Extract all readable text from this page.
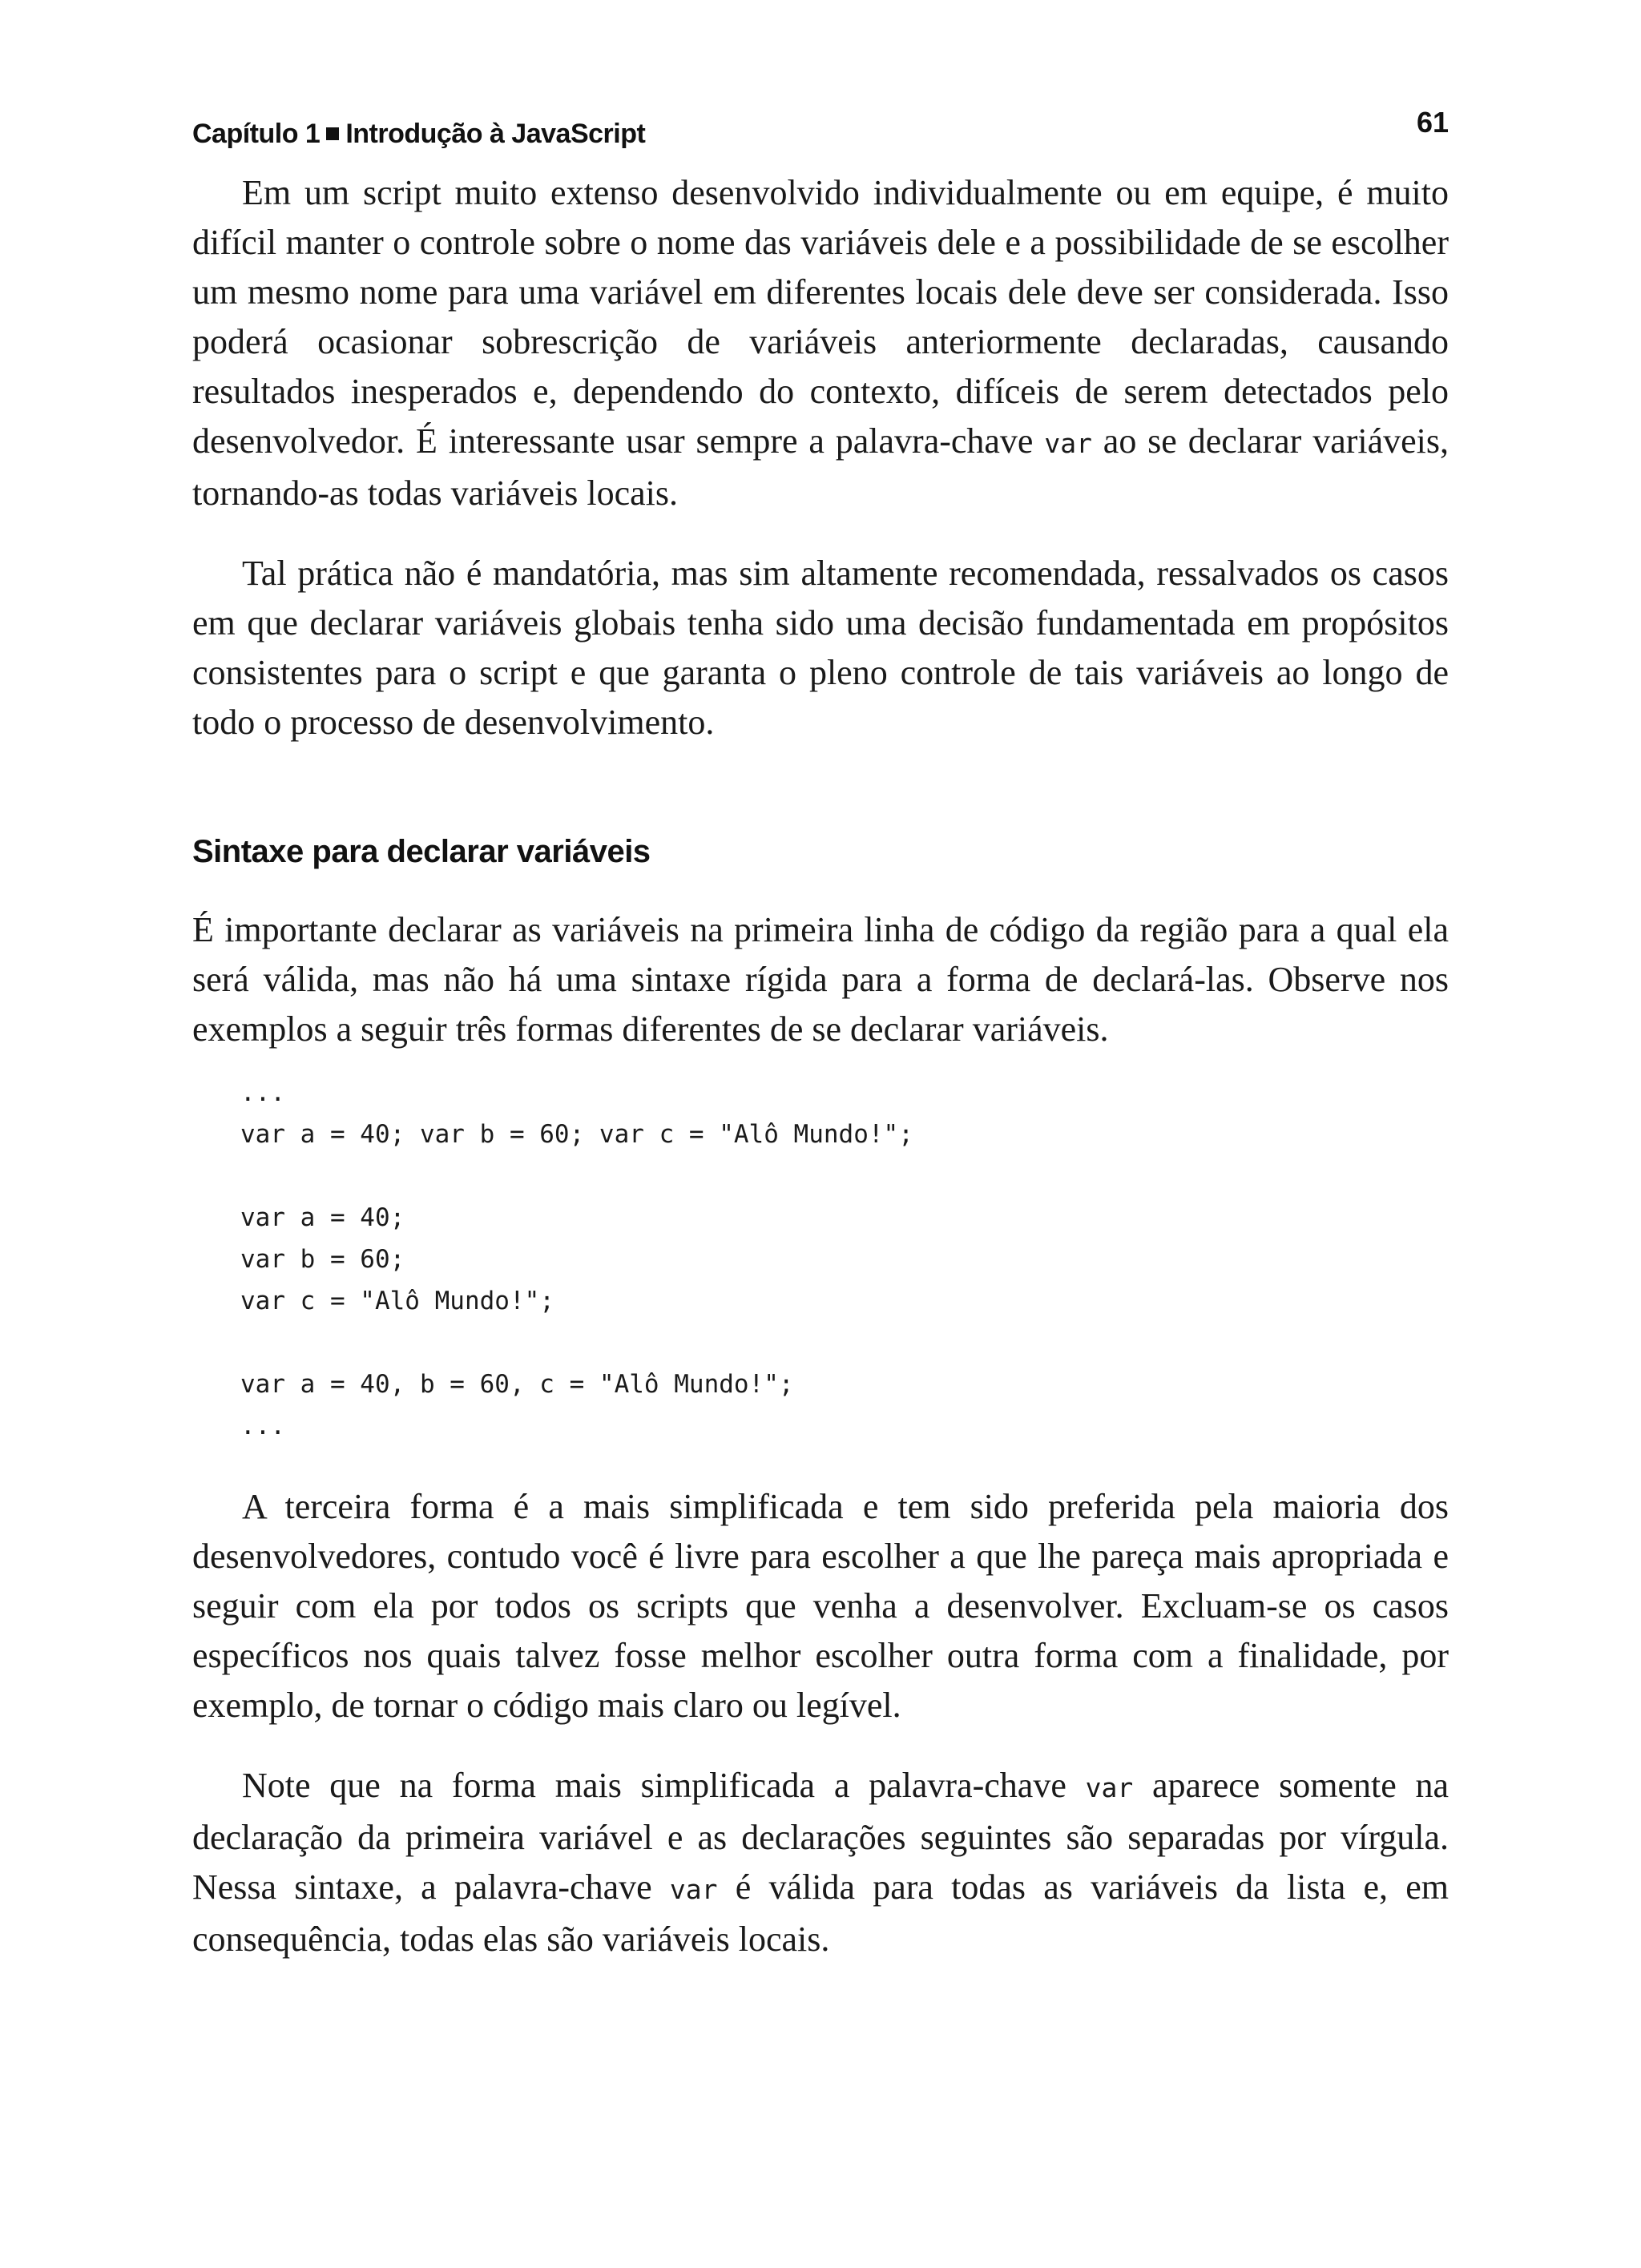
Capítulo 1 Introdução à JavaScript	61

Em um script muito extenso desenvolvido individualmente ou em equipe, é muito difícil manter o controle sobre o nome das variáveis dele e a possibilidade de se escolher um mesmo nome para uma variável em diferentes locais dele deve ser considerada. Isso poderá ocasionar sobrescrição de variáveis anteriormente declaradas, causando resultados inesperados e, dependendo do contexto, difíceis de serem detectados pelo desenvolvedor. É interessante usar sempre a palavra-chave var ao se declarar variáveis, tornando-as todas variáveis locais.

Tal prática não é mandatória, mas sim altamente recomendada, ressalvados os casos em que declarar variáveis globais tenha sido uma decisão fundamentada em propósitos consistentes para o script e que garanta o pleno controle de tais variáveis ao longo de todo o processo de desenvolvimento.

Sintaxe para declarar variáveis

É importante declarar as variáveis na primeira linha de código da região para a qual ela será válida, mas não há uma sintaxe rígida para a forma de declará-las. Observe nos exemplos a seguir três formas diferentes de se declarar variáveis.

...
var a = 40; var b = 60; var c = "Alô Mundo!";
var a = 40;
var b = 60;
var c = "Alô Mundo!";
var a = 40, b = 60, c = "Alô Mundo!";
...

A terceira forma é a mais simplificada e tem sido preferida pela maioria dos desenvolvedores, contudo você é livre para escolher a que lhe pareça mais apropriada e seguir com ela por todos os scripts que venha a desenvolver. Excluam-se os casos específicos nos quais talvez fosse melhor escolher outra forma com a finalidade, por exemplo, de tornar o código mais claro ou legível.

Note que na forma mais simplificada a palavra-chave var aparece somente na declaração da primeira variável e as declarações seguintes são separadas por vírgula. Nessa sintaxe, a palavra-chave var é válida para todas as variáveis da lista e, em consequência, todas elas são variáveis locais.
